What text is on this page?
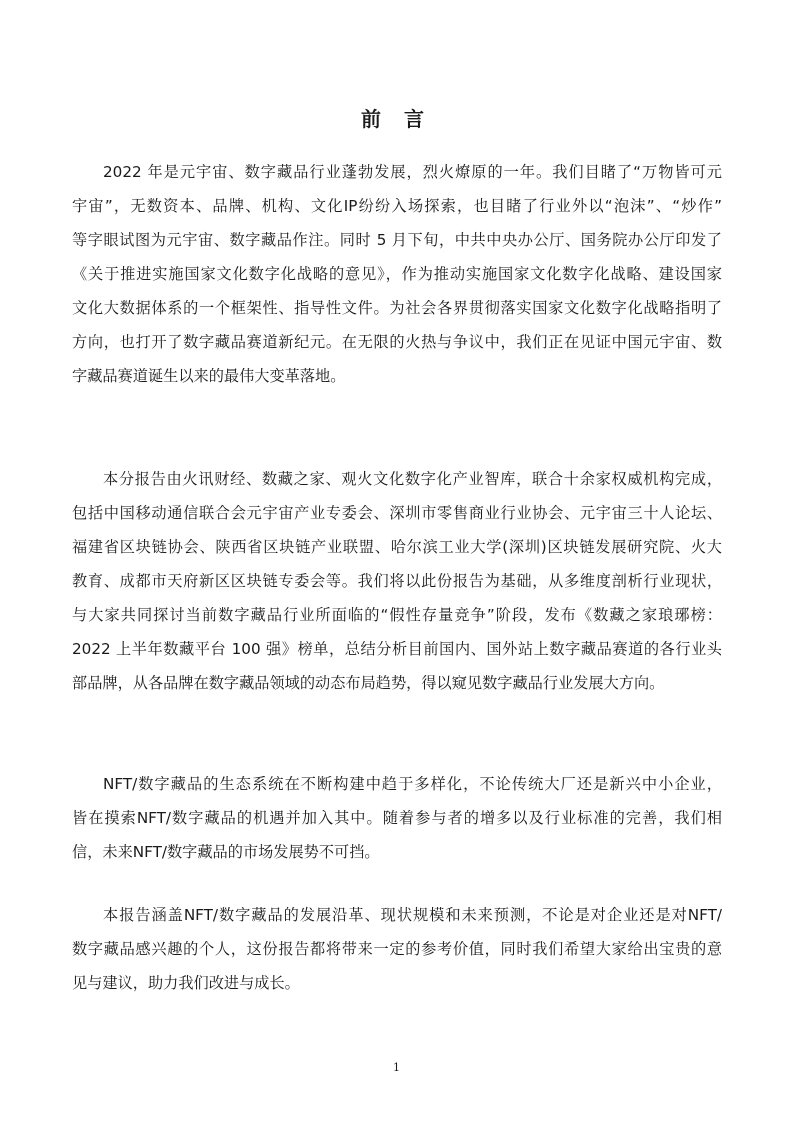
前 言
2022 年是元宇宙、数字藏品行业蓬勃发展，烈火燎原的一年。我们目睹了“万物皆可元
宇宙”，无数资本、品牌、机构、文化IP纷纷入场探索，也目睹了行业外以“泡沫”、“炒作”
等字眼试图为元宇宙、数字藏品作注。同时 5 月下旬，中共中央办公厅、国务院办公厅印发了
《关于推进实施国家文化数字化战略的意见》，作为推动实施国家文化数字化战略、建设国家
文化大数据体系的一个框架性、指导性文件。为社会各界贯彻落实国家文化数字化战略指明了
方向，也打开了数字藏品赛道新纪元。在无限的火热与争议中，我们正在见证中国元宇宙、数
字藏品赛道诞生以来的最伟大变革落地。
本分报告由火讯财经、数藏之家、观火文化数字化产业智库，联合十余家权威机构完成，
包括中国移动通信联合会元宇宙产业专委会、深圳市零售商业行业协会、元宇宙三十人论坛、
福建省区块链协会、陕西省区块链产业联盟、哈尔滨工业大学(深圳)区块链发展研究院、火大
教育、成都市天府新区区块链专委会等。我们将以此份报告为基础，从多维度剖析行业现状，
与大家共同探讨当前数字藏品行业所面临的“假性存量竞争”阶段，发布《数藏之家琅琊榜：
2022 上半年数藏平台 100 强》榜单，总结分析目前国内、国外站上数字藏品赛道的各行业头
部品牌，从各品牌在数字藏品领域的动态布局趋势，得以窥见数字藏品行业发展大方向。
NFT/数字藏品的生态系统在不断构建中趋于多样化，不论传统大厂还是新兴中小企业，
皆在摸索NFT/数字藏品的机遇并加入其中。随着参与者的增多以及行业标准的完善，我们相
信，未来NFT/数字藏品的市场发展势不可挡。
本报告涵盖NFT/数字藏品的发展沿革、现状规模和未来预测，不论是对企业还是对NFT/
数字藏品感兴趣的个人，这份报告都将带来一定的参考价值，同时我们希望大家给出宝贵的意
见与建议，助力我们改进与成长。
1
